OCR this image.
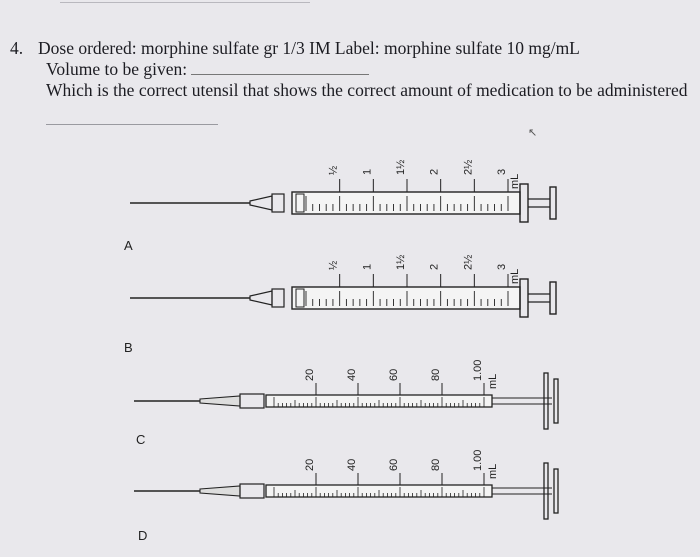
4. Dose ordered: morphine sulfate gr 1/3 IM Label: morphine sulfate 10 mg/mL
Volume to be given:
Which is the correct utensil that shows the correct amount of medication to be administered
↖
A
B
C
D
½ 1 1½ 2 2½ 3
mL
½ 1 1½ 2 2½ 3
mL
20	40	60	80	1.00
mL
20	40	60	80	1.00
mL
